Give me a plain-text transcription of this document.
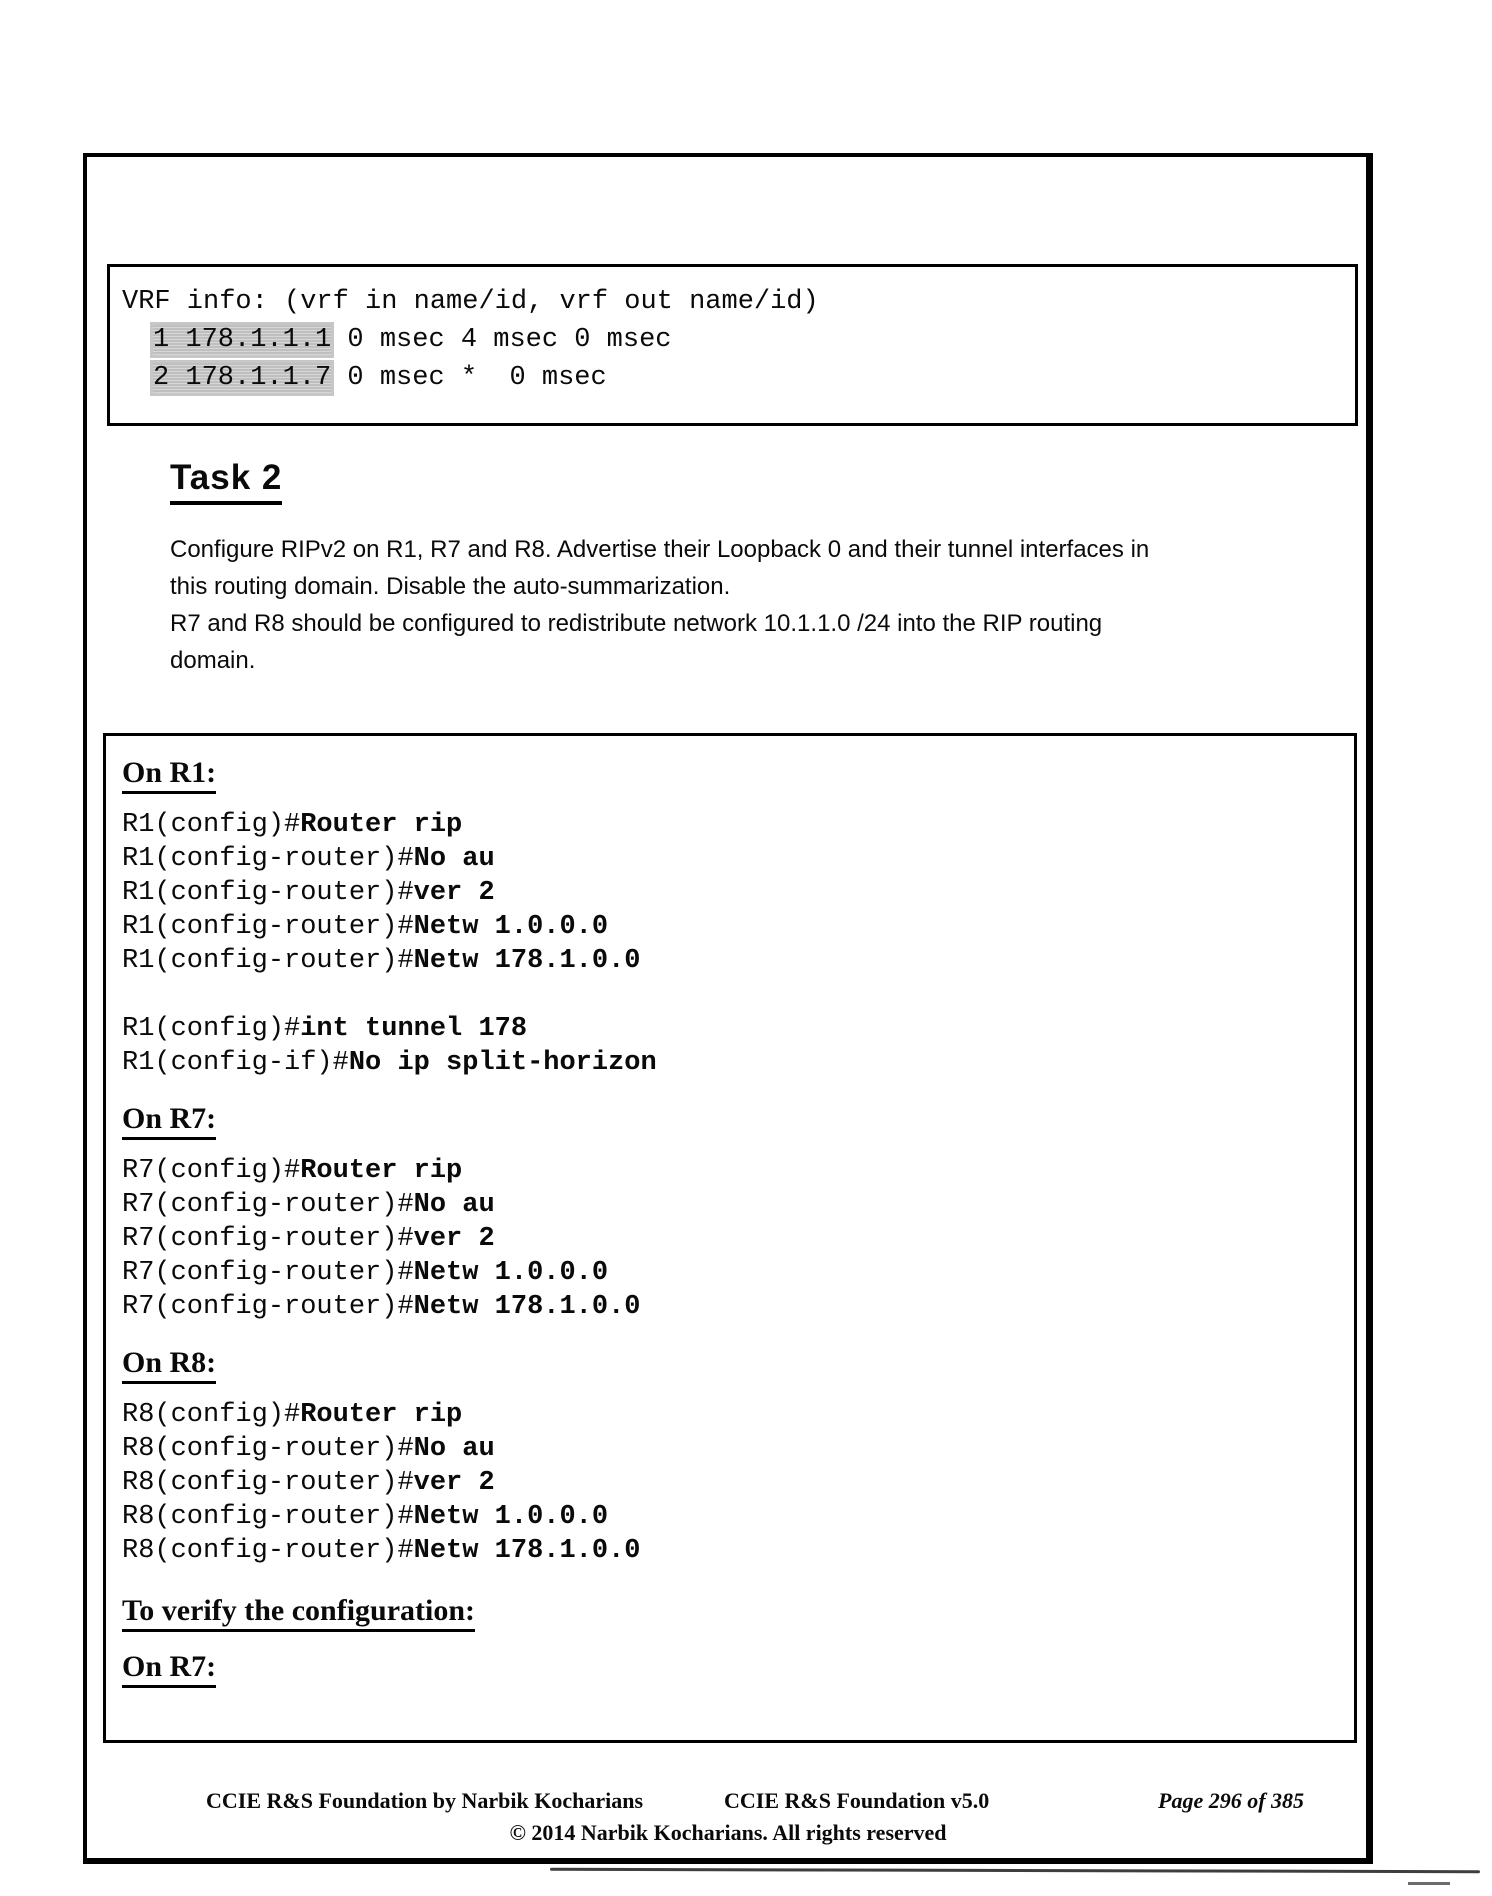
VRF info: (vrf in name/id, vrf out name/id)
1 178.1.1.1 0 msec 4 msec 0 msec
2 178.1.1.7 0 msec *  0 msec
Task 2
Configure RIPv2 on R1, R7 and R8. Advertise their Loopback 0 and their tunnel interfaces in
this routing domain. Disable the auto-summarization.
R7 and R8 should be configured to redistribute network 10.1.1.0 /24 into the RIP routing
domain.
On R1:
R1(config)#Router rip
R1(config-router)#No au
R1(config-router)#ver 2
R1(config-router)#Netw 1.0.0.0
R1(config-router)#Netw 178.1.0.0
R1(config)#int tunnel 178
R1(config-if)#No ip split-horizon
On R7:
R7(config)#Router rip
R7(config-router)#No au
R7(config-router)#ver 2
R7(config-router)#Netw 1.0.0.0
R7(config-router)#Netw 178.1.0.0
On R8:
R8(config)#Router rip
R8(config-router)#No au
R8(config-router)#ver 2
R8(config-router)#Netw 1.0.0.0
R8(config-router)#Netw 178.1.0.0
To verify the configuration:
On R7:
CCIE R&S Foundation by Narbik Kocharians	CCIE R&S Foundation v5.0	Page 296 of 385
© 2014 Narbik Kocharians. All rights reserved
